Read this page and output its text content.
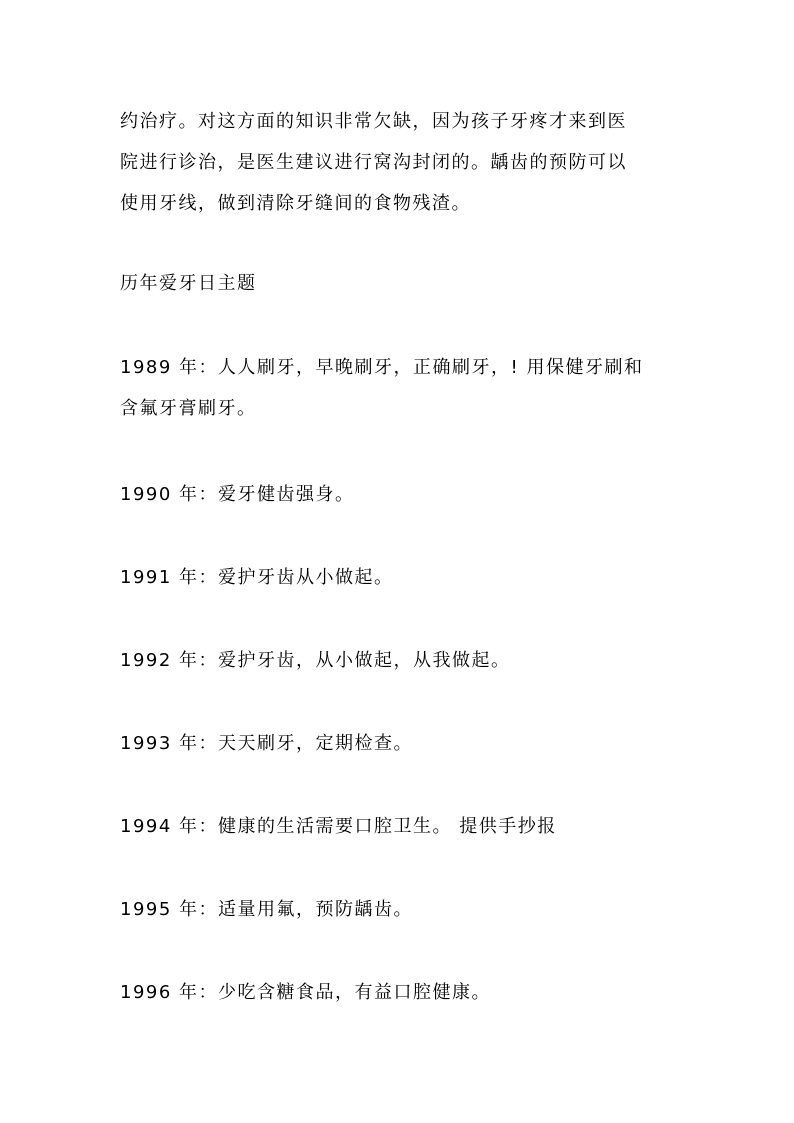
约治疗。对这方面的知识非常欠缺，因为孩子牙疼才来到医
院进行诊治，是医生建议进行窝沟封闭的。龋齿的预防可以
使用牙线，做到清除牙缝间的食物残渣。

历年爱牙日主题

1989 年：人人刷牙，早晚刷牙，正确刷牙，! 用保健牙刷和
含氟牙膏刷牙。

1990 年：爱牙健齿强身。

1991 年：爱护牙齿从小做起。

1992 年：爱护牙齿，从小做起，从我做起。

1993 年：天天刷牙，定期检查。

1994 年：健康的生活需要口腔卫生。 提供手抄报

1995 年：适量用氟，预防龋齿。

1996 年：少吃含糖食品，有益口腔健康。
